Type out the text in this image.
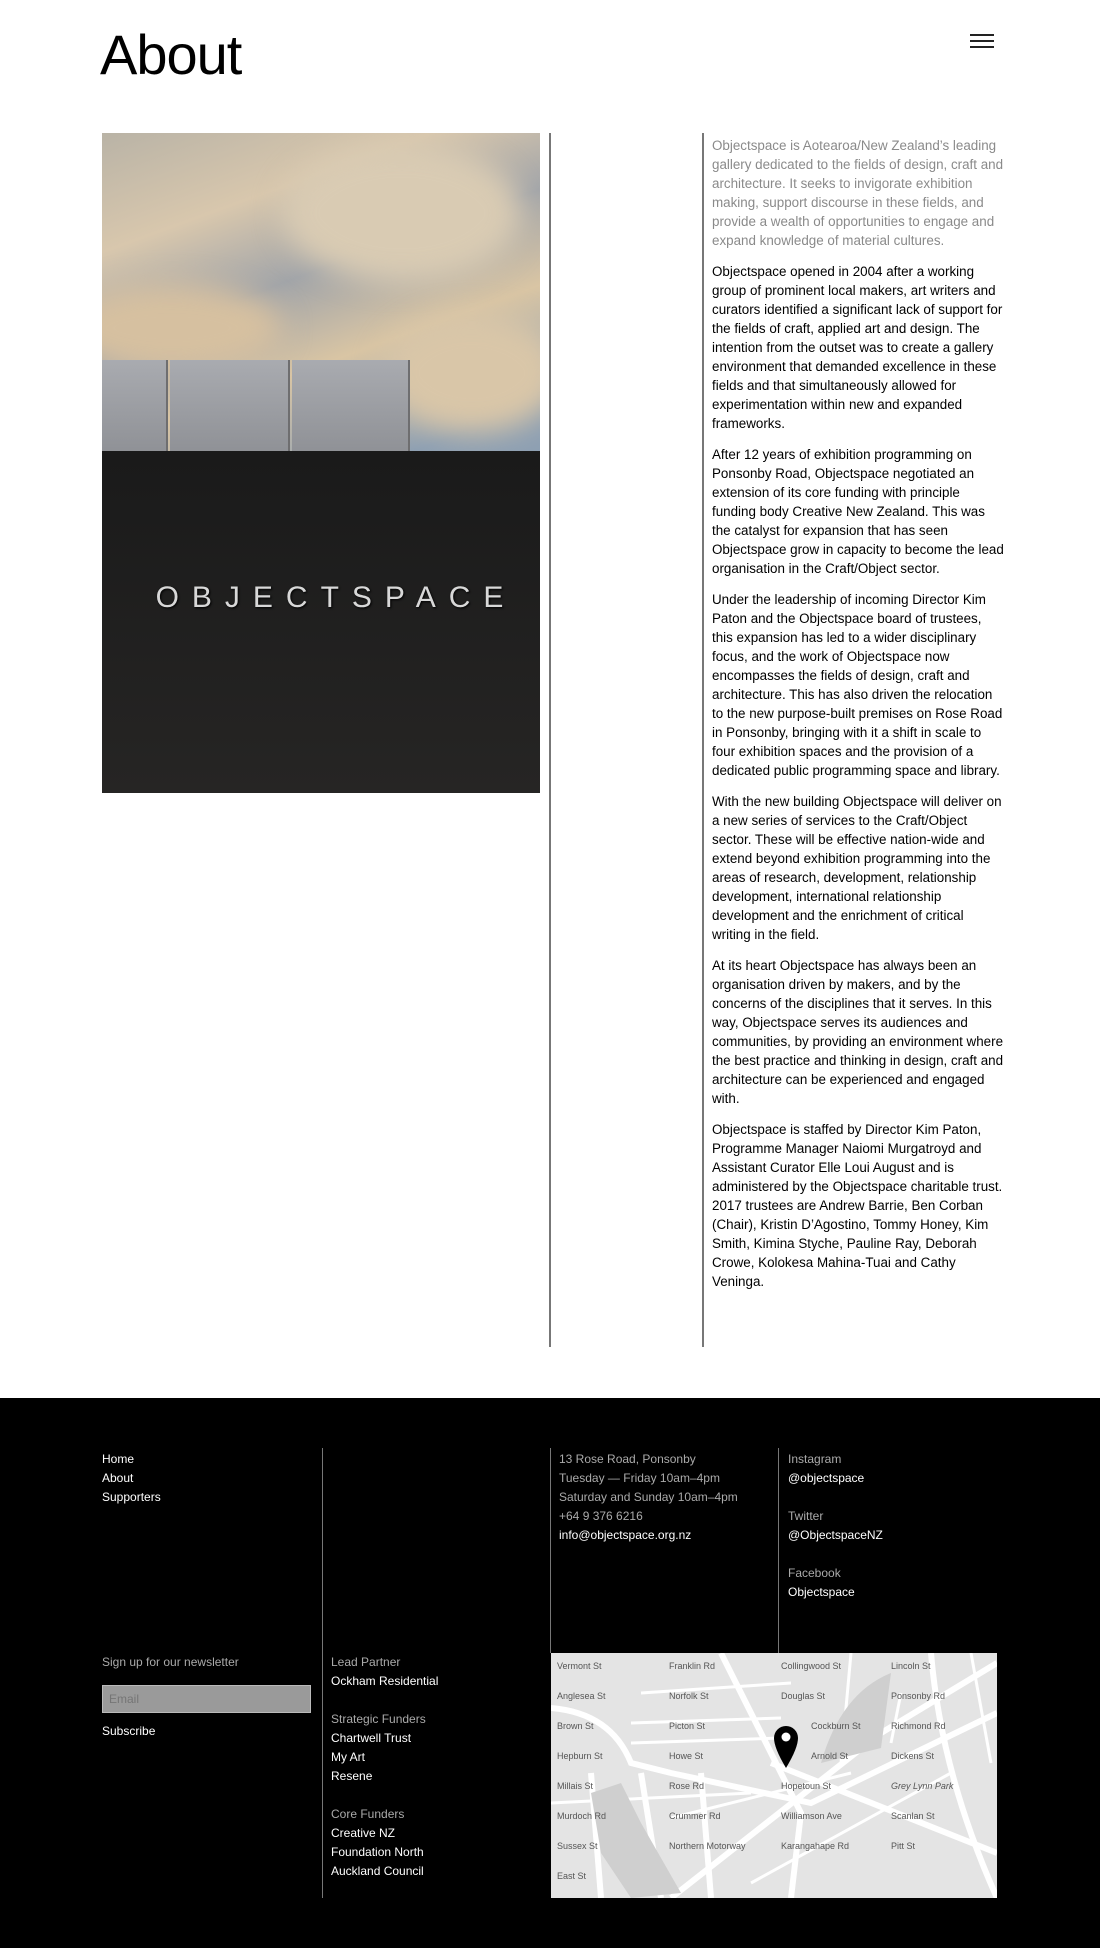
About
OBJECTSPACE

Objectspace is Aotearoa/New Zealand’s leading gallery dedicated to the fields of design, craft and architecture. It seeks to invigorate exhibition making, support discourse in these fields, and provide a wealth of opportunities to engage and expand knowledge of material cultures.

Objectspace opened in 2004 after a working group of prominent local makers, art writers and curators identified a significant lack of support for the fields of craft, applied art and design. The intention from the outset was to create a gallery environment that demanded excellence in these fields and that simultaneously allowed for experimentation within new and expanded frameworks.

After 12 years of exhibition programming on Ponsonby Road, Objectspace negotiated an extension of its core funding with principle funding body Creative New Zealand. This was the catalyst for expansion that has seen Objectspace grow in capacity to become the lead organisation in the Craft/Object sector.

Under the leadership of incoming Director Kim Paton and the Objectspace board of trustees, this expansion has led to a wider disciplinary focus, and the work of Objectspace now encompasses the fields of design, craft and architecture. This has also driven the relocation to the new purpose-built premises on Rose Road in Ponsonby, bringing with it a shift in scale to four exhibition spaces and the provision of a dedicated public programming space and library.

With the new building Objectspace will deliver on a new series of services to the Craft/Object sector. These will be effective nation-wide and extend beyond exhibition programming into the areas of research, development, relationship development, international relationship development and the enrichment of critical writing in the field.

At its heart Objectspace has always been an organisation driven by makers, and by the concerns of the disciplines that it serves. In this way, Objectspace serves its audiences and communities, by providing an environment where the best practice and thinking in design, craft and architecture can be experienced and engaged with.

Objectspace is staffed by Director Kim Paton, Programme Manager Naiomi Murgatroyd and Assistant Curator Elle Loui August and is administered by the Objectspace charitable trust. 2017 trustees are Andrew Barrie, Ben Corban (Chair), Kristin D’Agostino, Tommy Honey, Kim Smith, Kimina Styche, Pauline Ray, Deborah Crowe, Kolokesa Mahina-Tuai and Cathy Veninga.

Home
About
Supporters
13 Rose Road, Ponsonby
Tuesday — Friday 10am–4pm
Saturday and Sunday 10am–4pm
+64 9 376 6216
info@objectspace.org.nz
Instagram
@objectspace
Twitter
@ObjectspaceNZ
Facebook
Objectspace
Sign up for our newsletter
Subscribe
Lead Partner
Ockham Residential
Strategic Funders
Chartwell Trust
My Art
Resene
Core Funders
Creative NZ
Foundation North
Auckland Council
Email
Vermont St	Franklin Rd	Collingwood St	Lincoln St
Anglesea St	Norfolk St	Douglas St	Ponsonby Rd
Brown St	Picton St	Cockburn St	Richmond Rd
Hepburn St	Howe St	Arnold St	Dickens St
Millais St	Rose Rd	Hopetoun St	Grey Lynn Park
Murdoch Rd	Crummer Rd	Williamson Ave	Scanlan St
Sussex St	Northern Motorway	Karangahape Rd	Pitt St
East St
